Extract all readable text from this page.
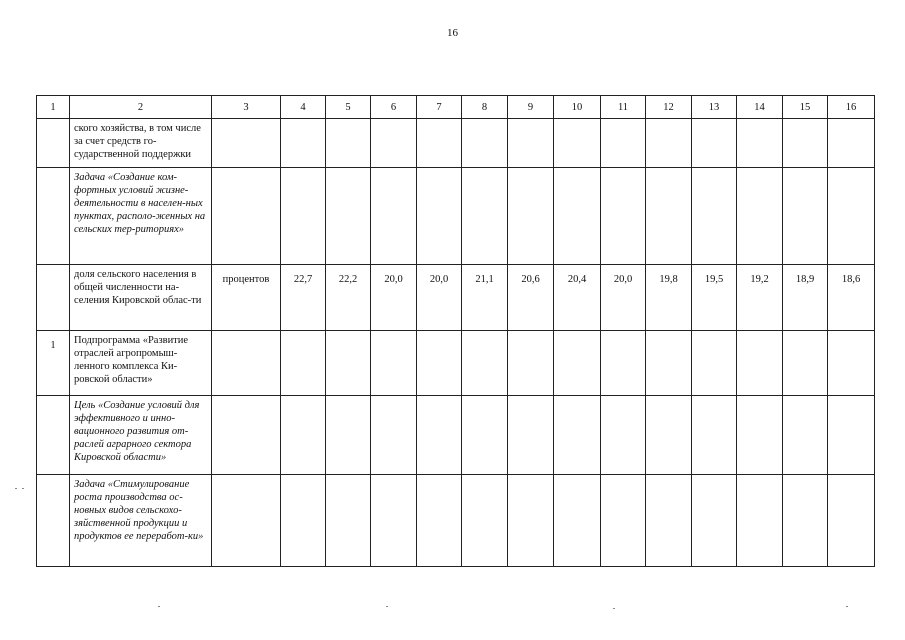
16
1	2	3	4	5	6	7	8	9	10	11	12	13	14	15	16
	ского хозяйства, в том числе за счет средств го-сударственной поддержки														
	Задача «Создание ком-фортных условий жизне-деятельности в населен-ных пунктах, располо-женных на сельских тер-риториях»														
	доля сельского населения в общей численности на-селения Кировской облас-ти	процентов	22,7	22,2	20,0	20,0	21,1	20,6	20,4	20,0	19,8	19,5	19,2	18,9	18,6
1	Подпрограмма «Развитие отраслей агропромыш-ленного комплекса Ки-ровской области»														
	Цель «Создание условий для эффективного и инно-вационного развития от-раслей аграрного сектора Кировской области»														
	Задача «Стимулирование роста производства ос-новных видов сельскохо-зяйственной продукции и продуктов ее переработ-ки»														
